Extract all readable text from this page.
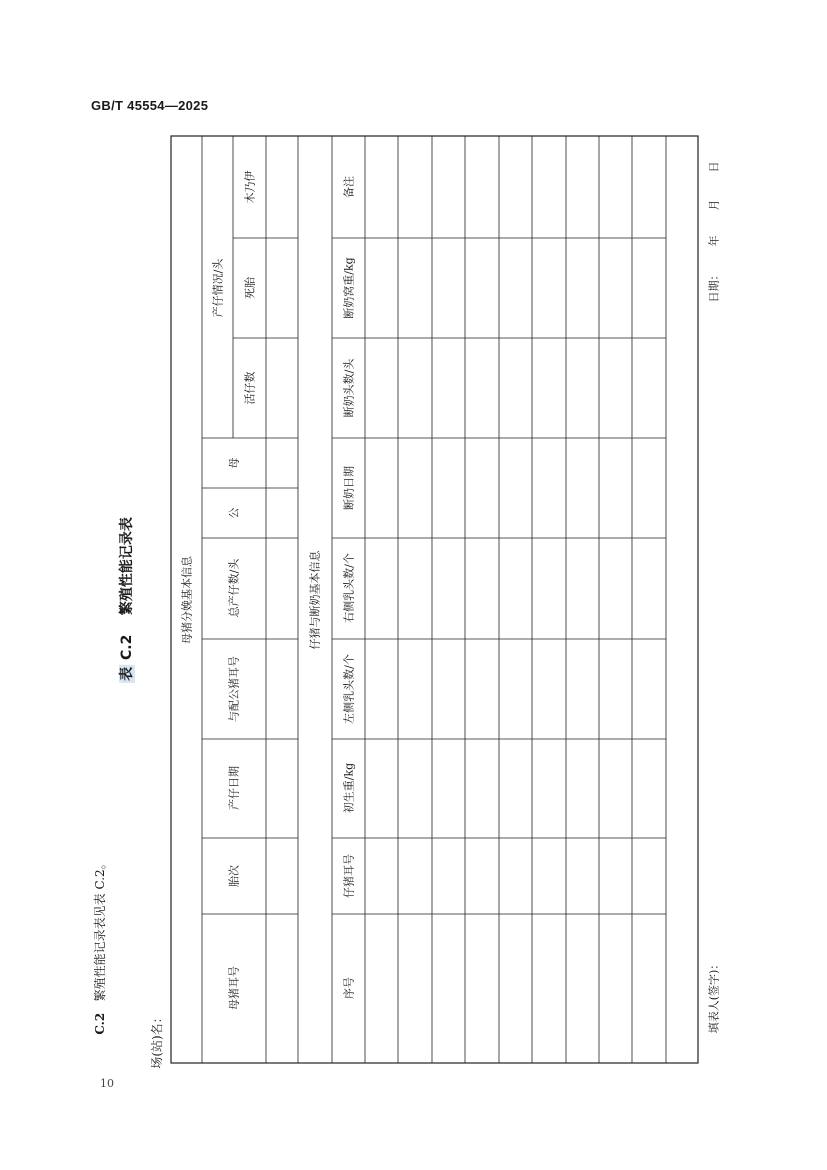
GB/T 45554—2025
C.2   繁殖性能记录表见表 C.2。
表 C.2    繁殖性能记录表
场(站)名：
母猪分娩基本信息	仔猪与断奶基本信息
母猪耳号
胎次
产仔日期
与配公猪耳号
总产仔数/头
公
母
产仔情况/头
活仔数
死胎
木乃伊
序号
仔猪耳号
初生重/kg
左侧乳头数/个
右侧乳头数/个
断奶日期
断奶头数/头
断奶窝重/kg
备注
填表人(签字)：
日期：
年
月
日
10
